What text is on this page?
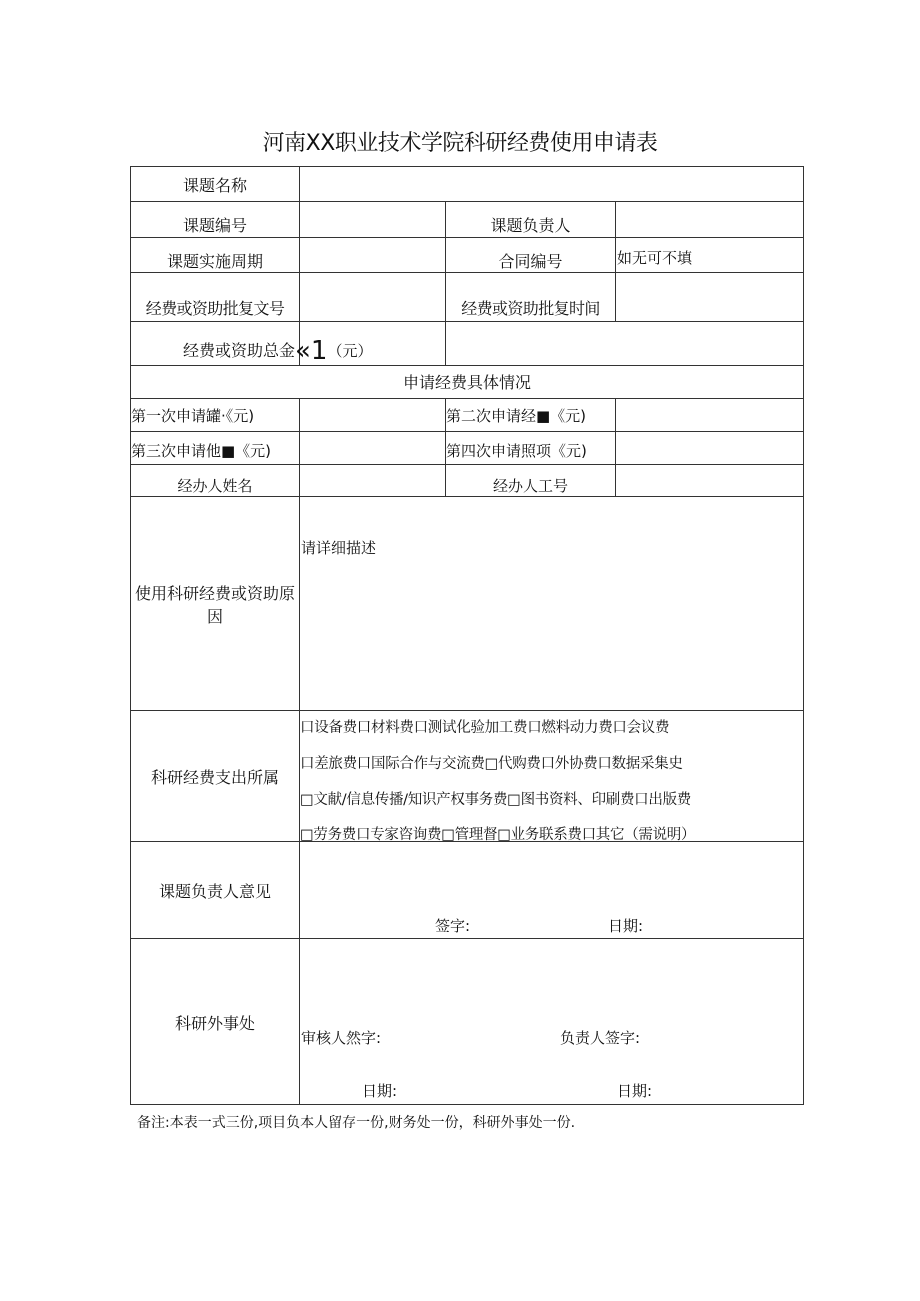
河南XX职业技术学院科研经费使用申请表
课题名称
课题编号	课题负责人
课题实施周期	合同编号	如无可不填
经费或资助批复文号	经费或资助批复时间
经费或资助总金«1（元）
申请经费具体情况
第一次申请罐·《元)	第二次申请经■《元)
第三次申请他■《元)	第四次申请照项《元)
经办人姓名	经办人工号
使用科研经费或资助原因
请详细描述
科研经费支出所属
口设备费口材料费口测试化验加工费口燃料动力费口会议费
口差旅费口国际合作与交流费□代购费口外协费口数据采集史
□文献/信息传播/知识产权事务费□图书资料、印刷费口出版费
□劳务费口专家咨询费□管理督□业务联系费口其它（需说明）
课题负责人意见
签字:	日期:
科研外事处
审核人然字:	负责人签字:
日期:	日期:
备注:本表一式三份,项目负本人留存一份,财务处一份，科研外事处一份.
